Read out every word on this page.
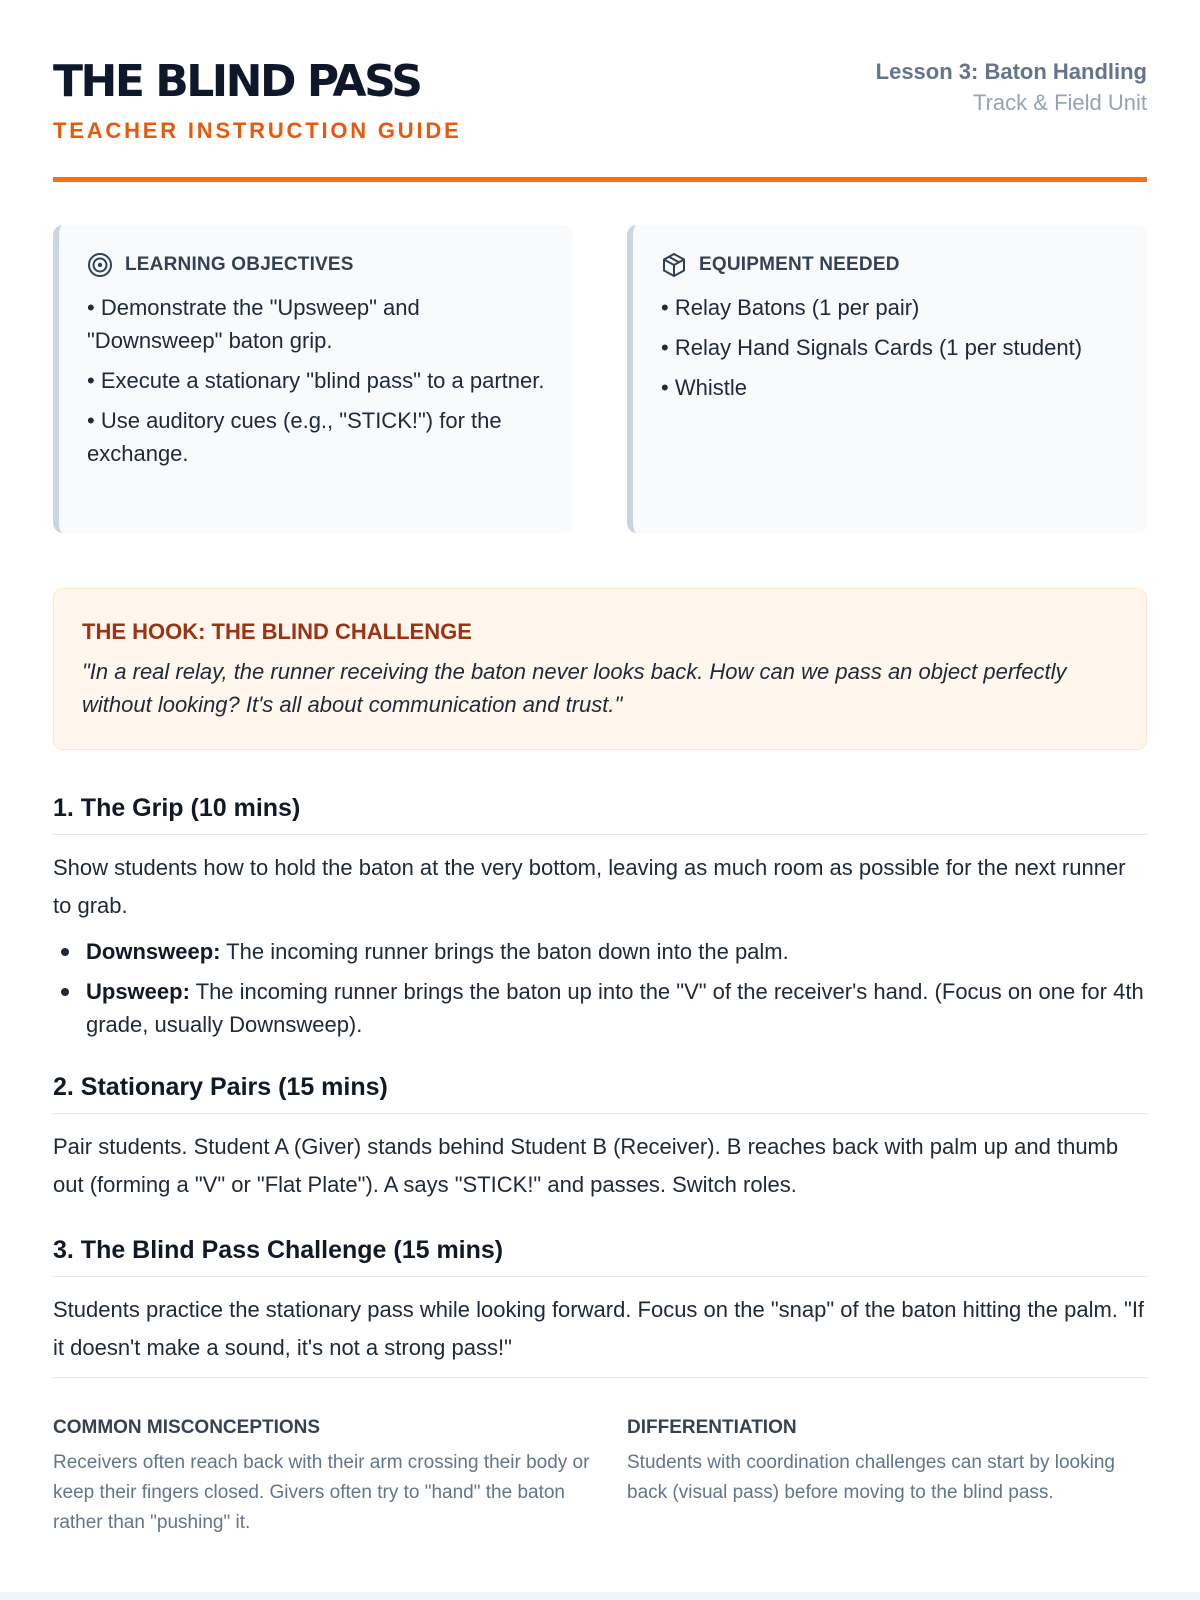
THE BLIND PASS
TEACHER INSTRUCTION GUIDE
Lesson 3: Baton Handling
Track & Field Unit
LEARNING OBJECTIVES
• Demonstrate the "Upsweep" and "Downsweep" baton grip.
• Execute a stationary "blind pass" to a partner.
• Use auditory cues (e.g., "STICK!") for the exchange.
EQUIPMENT NEEDED
• Relay Batons (1 per pair)
• Relay Hand Signals Cards (1 per student)
• Whistle
THE HOOK: THE BLIND CHALLENGE

"In a real relay, the runner receiving the baton never looks back. How can we pass an object perfectly without looking? It's all about communication and trust."

1. The Grip (10 mins)

Show students how to hold the baton at the very bottom, leaving as much room as possible for the next runner to grab.

Downsweep: The incoming runner brings the baton down into the palm.
Upsweep: The incoming runner brings the baton up into the "V" of the receiver's hand. (Focus on one for 4th grade, usually Downsweep).
2. Stationary Pairs (15 mins)

Pair students. Student A (Giver) stands behind Student B (Receiver). B reaches back with palm up and thumb out (forming a "V" or "Flat Plate"). A says "STICK!" and passes. Switch roles.

3. The Blind Pass Challenge (15 mins)

Students practice the stationary pass while looking forward. Focus on the "snap" of the baton hitting the palm. "If it doesn't make a sound, it's not a strong pass!"

COMMON MISCONCEPTIONS

Receivers often reach back with their arm crossing their body or keep their fingers closed. Givers often try to "hand" the baton rather than "pushing" it.

DIFFERENTIATION

Students with coordination challenges can start by looking back (visual pass) before moving to the blind pass.
